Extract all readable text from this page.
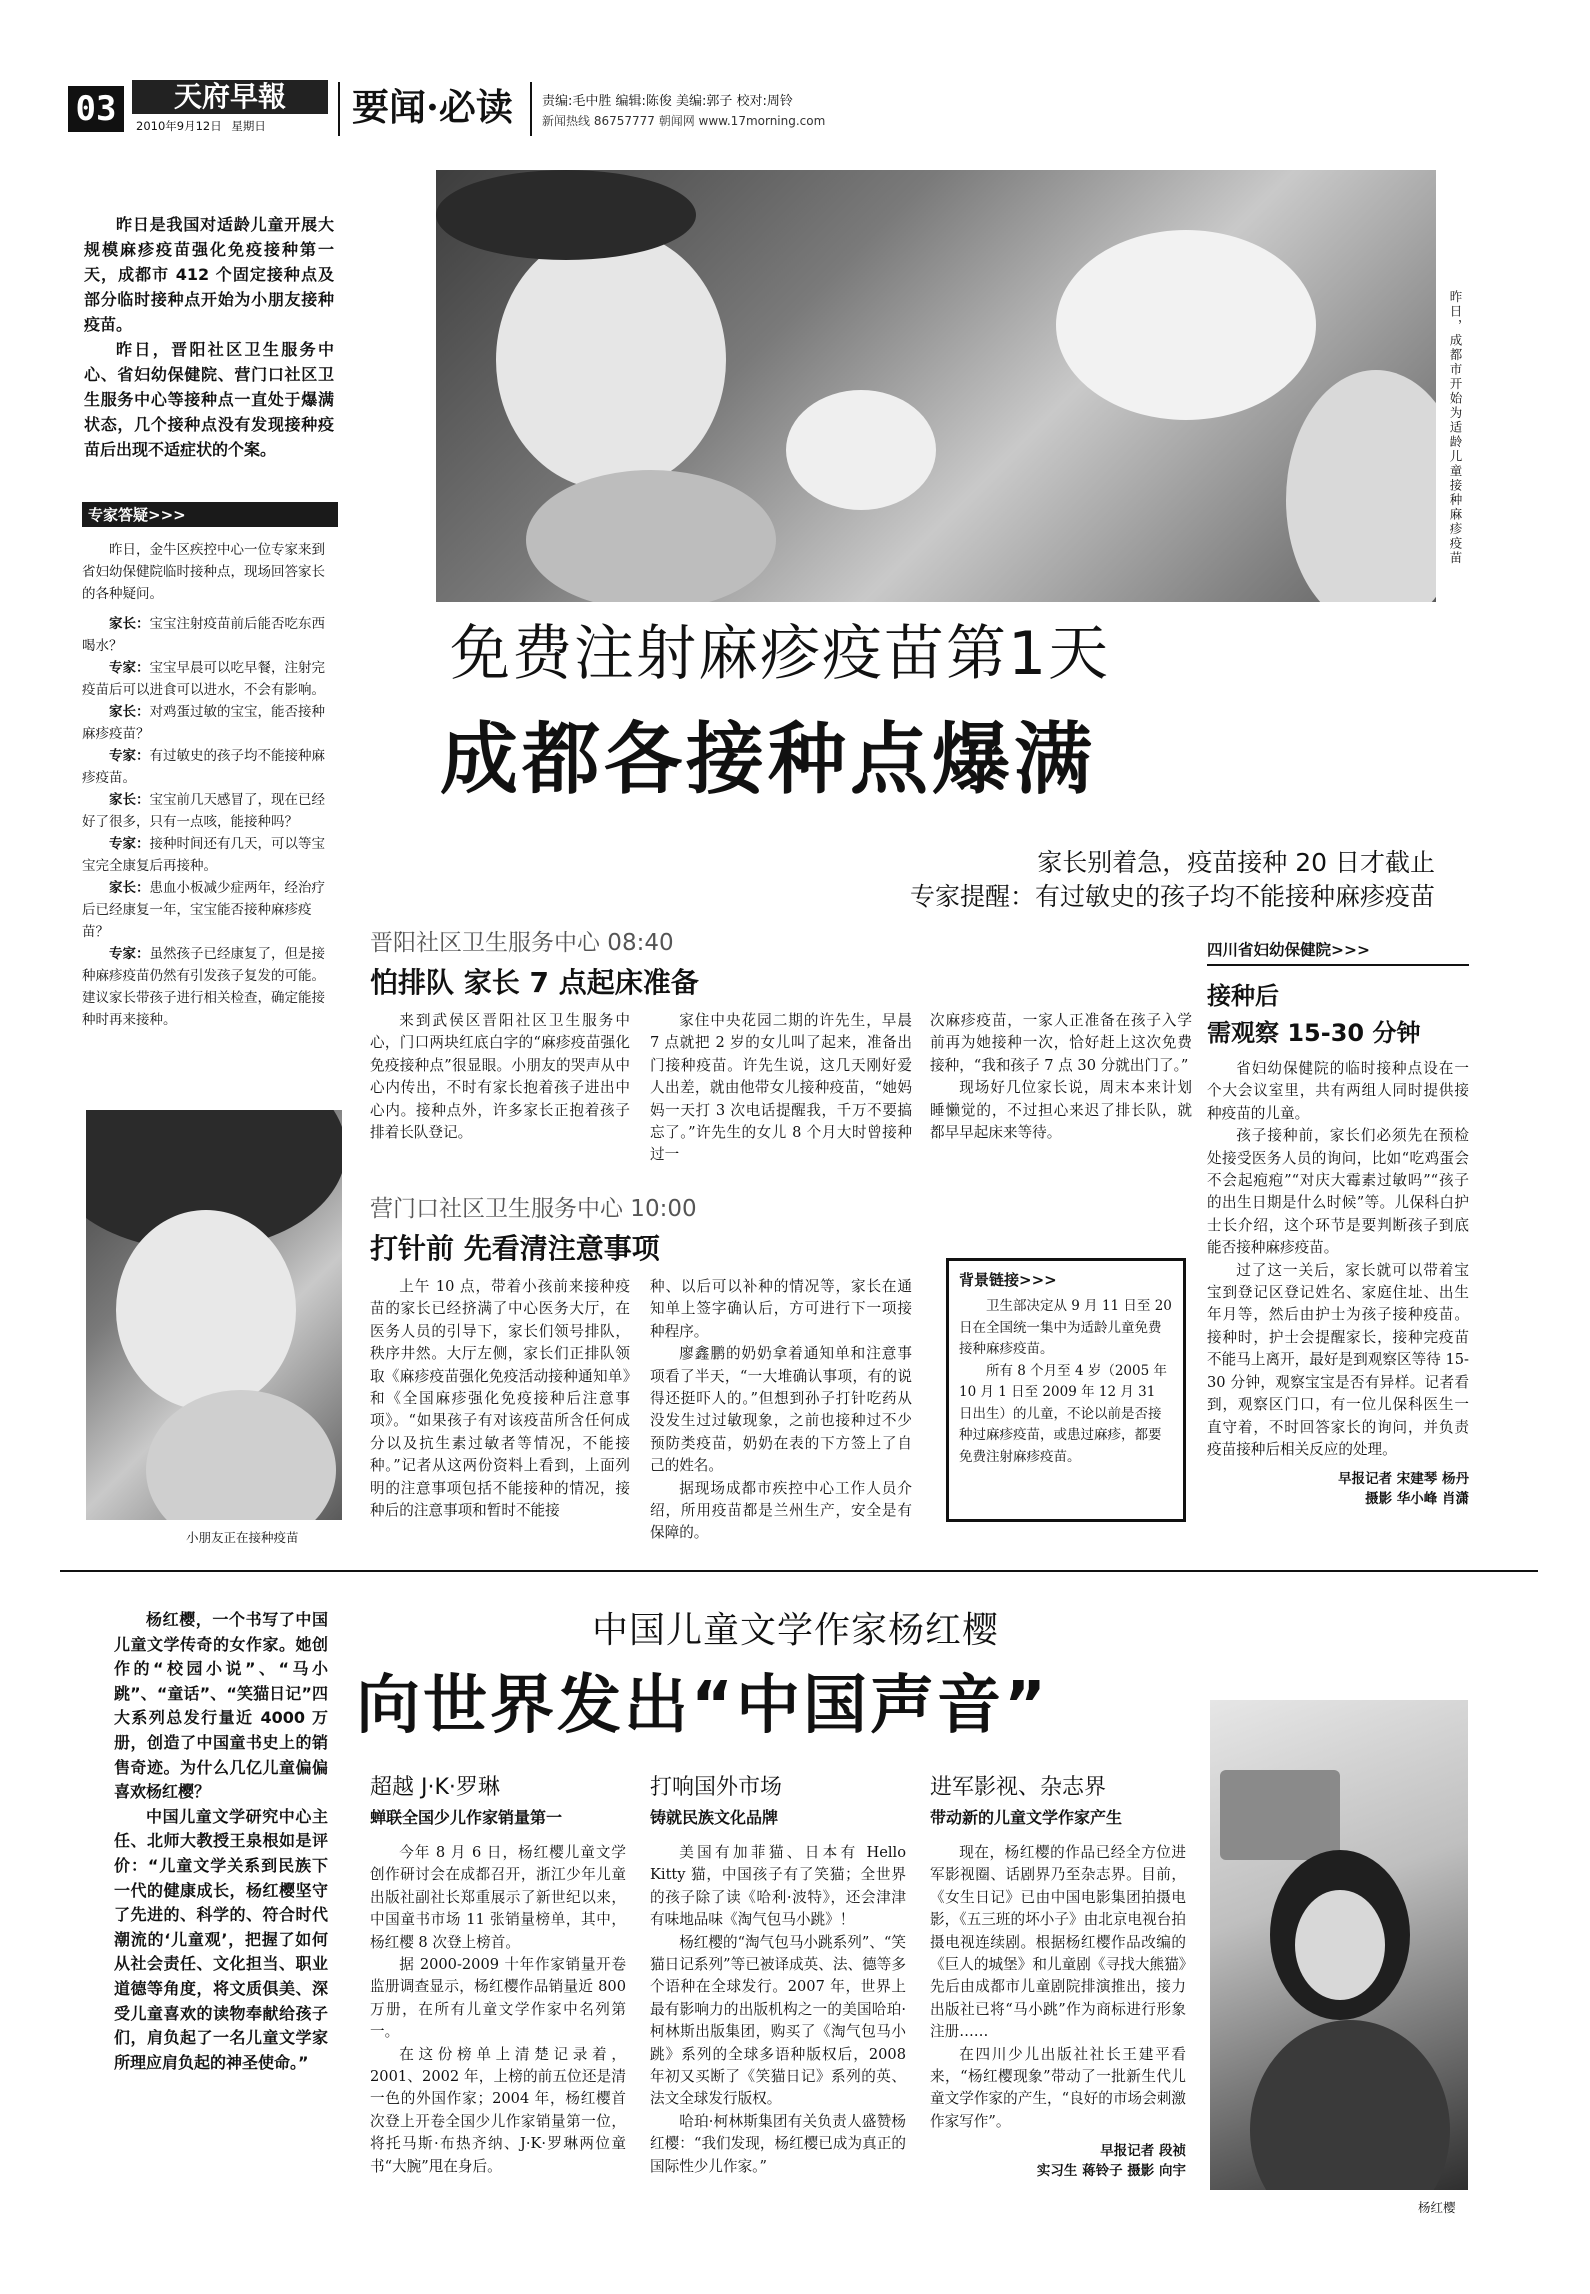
03	天府早報
2010年9月12日 星期日 要闻·必读 责编:毛中胜 编辑:陈俊 美编:郭子 校对:周铃
新闻热线 86757777 朝闻网 www.17morning.com

昨日是我国对适龄儿童开展大规模麻疹疫苗强化免疫接种第一天，成都市 412 个固定接种点及部分临时接种点开始为小朋友接种疫苗。

昨日，晋阳社区卫生服务中心、省妇幼保健院、营门口社区卫生服务中心等接种点一直处于爆满状态，几个接种点没有发现接种疫苗后出现不适症状的个案。	昨日，成都市开始为适龄儿童接种麻疹疫苗
免费注射麻疹疫苗第1天
成都各接种点爆满
家长别着急，疫苗接种 20 日才截止
专家提醒：有过敏史的孩子均不能接种麻疹疫苗
专家答疑>>>

昨日，金牛区疾控中心一位专家来到省妇幼保健院临时接种点，现场回答家长的各种疑问。

家长：宝宝注射疫苗前后能否吃东西喝水？

专家：宝宝早晨可以吃早餐，注射完疫苗后可以进食可以进水，不会有影响。

家长：对鸡蛋过敏的宝宝，能否接种麻疹疫苗？

专家：有过敏史的孩子均不能接种麻疹疫苗。

家长：宝宝前几天感冒了，现在已经好了很多，只有一点咳，能接种吗？

专家：接种时间还有几天，可以等宝宝完全康复后再接种。

家长：患血小板减少症两年，经治疗后已经康复一年，宝宝能否接种麻疹疫苗？

专家：虽然孩子已经康复了，但是接种麻疹疫苗仍然有引发孩子复发的可能。建议家长带孩子进行相关检查，确定能接种时再来接种。

小朋友正在接种疫苗
晋阳社区卫生服务中心 08:40
怕排队 家长 7 点起床准备

来到武侯区晋阳社区卫生服务中心，门口两块红底白字的“麻疹疫苗强化免疫接种点”很显眼。小朋友的哭声从中心内传出，不时有家长抱着孩子进出中心内。接种点外，许多家长正抱着孩子排着长队登记。

家住中央花园二期的许先生，早晨 7 点就把 2 岁的女儿叫了起来，准备出门接种疫苗。许先生说，这几天刚好爱人出差，就由他带女儿接种疫苗，“她妈妈一天打 3 次电话提醒我，千万不要搞忘了。”许先生的女儿 8 个月大时曾接种过一

次麻疹疫苗，一家人正准备在孩子入学前再为她接种一次，恰好赶上这次免费接种，“我和孩子 7 点 30 分就出门了。”

现场好几位家长说，周末本来计划睡懒觉的，不过担心来迟了排长队，就都早早起床来等待。

营门口社区卫生服务中心 10:00
打针前 先看清注意事项

上午 10 点，带着小孩前来接种疫苗的家长已经挤满了中心医务大厅，在医务人员的引导下，家长们领号排队，秩序井然。大厅左侧，家长们正排队领取《麻疹疫苗强化免疫活动接种通知单》和《全国麻疹强化免疫接种后注意事项》。“如果孩子有对该疫苗所含任何成分以及抗生素过敏者等情况，不能接种。”记者从这两份资料上看到，上面列明的注意事项包括不能接种的情况，接种后的注意事项和暂时不能接

种、以后可以补种的情况等，家长在通知单上签字确认后，方可进行下一项接种程序。

廖鑫鹏的奶奶拿着通知单和注意事项看了半天，“一大堆确认事项，有的说得还挺吓人的。”但想到孙子打针吃药从没发生过过敏现象，之前也接种过不少预防类疫苗，奶奶在表的下方签上了自己的姓名。

据现场成都市疾控中心工作人员介绍，所用疫苗都是兰州生产，安全是有保障的。

背景链接>>>

卫生部决定从 9 月 11 日至 20 日在全国统一集中为适龄儿童免费接种麻疹疫苗。

所有 8 个月至 4 岁（2005 年 10 月 1 日至 2009 年 12 月 31 日出生）的儿童，不论以前是否接种过麻疹疫苗，或患过麻疹，都要免费注射麻疹疫苗。

四川省妇幼保健院>>>
接种后
需观察 15-30 分钟

省妇幼保健院的临时接种点设在一个大会议室里，共有两组人同时提供接种疫苗的儿童。

孩子接种前，家长们必须先在预检处接受医务人员的询问，比如“吃鸡蛋会不会起疱疱”“对庆大霉素过敏吗”“孩子的出生日期是什么时候”等。儿保科白护士长介绍，这个环节是要判断孩子到底能否接种麻疹疫苗。

过了这一关后，家长就可以带着宝宝到登记区登记姓名、家庭住址、出生年月等，然后由护士为孩子接种疫苗。接种时，护士会提醒家长，接种完疫苗不能马上离开，最好是到观察区等待 15-30 分钟，观察宝宝是否有异样。记者看到，观察区门口，有一位儿保科医生一直守着，不时回答家长的询问，并负责疫苗接种后相关反应的处理。

早报记者 宋建琴 杨丹
摄影 华小峰 肖潇

杨红樱，一个书写了中国儿童文学传奇的女作家。她创作的“校园小说”、“马小跳”、“童话”、“笑猫日记”四大系列总发行量近 4000 万册，创造了中国童书史上的销售奇迹。为什么几亿儿童偏偏喜欢杨红樱？

中国儿童文学研究中心主任、北师大教授王泉根如是评价：“儿童文学关系到民族下一代的健康成长，杨红樱坚守了先进的、科学的、符合时代潮流的‘儿童观’，把握了如何从社会责任、文化担当、职业道德等角度，将文质俱美、深受儿童喜欢的读物奉献给孩子们，肩负起了一名儿童文学家所理应肩负起的神圣使命。”

中国儿童文学作家杨红樱
向世界发出“中国声音”
超越 J·K·罗琳
蝉联全国少儿作家销量第一

今年 8 月 6 日，杨红樱儿童文学创作研讨会在成都召开，浙江少年儿童出版社副社长郑重展示了新世纪以来，中国童书市场 11 张销量榜单，其中，杨红樱 8 次登上榜首。

据 2000-2009 十年作家销量开卷监册调查显示，杨红樱作品销量近 800 万册，在所有儿童文学作家中名列第一。

在这份榜单上清楚记录着，2001、2002 年，上榜的前五位还是清一色的外国作家；2004 年，杨红樱首次登上开卷全国少儿作家销量第一位，将托马斯·布热齐纳、J·K·罗琳两位童书“大腕”甩在身后。

打响国外市场
铸就民族文化品牌

美国有加菲猫、日本有 Hello Kitty 猫，中国孩子有了笑猫；全世界的孩子除了读《哈利·波特》，还会津津有味地品味《淘气包马小跳》！

杨红樱的“淘气包马小跳系列”、“笑猫日记系列”等已被译成英、法、德等多个语种在全球发行。2007 年，世界上最有影响力的出版机构之一的美国哈珀·柯林斯出版集团，购买了《淘气包马小跳》系列的全球多语种版权后，2008 年初又买断了《笑猫日记》系列的英、法文全球发行版权。

哈珀·柯林斯集团有关负责人盛赞杨红樱：“我们发现，杨红樱已成为真正的国际性少儿作家。”

进军影视、杂志界
带动新的儿童文学作家产生

现在，杨红樱的作品已经全方位进军影视圈、话剧界乃至杂志界。目前，《女生日记》已由中国电影集团拍摄电影，《五三班的坏小子》由北京电视台拍摄电视连续剧。根据杨红樱作品改编的《巨人的城堡》和儿童剧《寻找大熊猫》先后由成都市儿童剧院排演推出，接力出版社已将“马小跳”作为商标进行形象注册……

在四川少儿出版社社长王建平看来，“杨红樱现象”带动了一批新生代儿童文学作家的产生，“良好的市场会刺激作家写作”。

早报记者 段祯
实习生 蒋铃子 摄影 向宇
杨红樱
